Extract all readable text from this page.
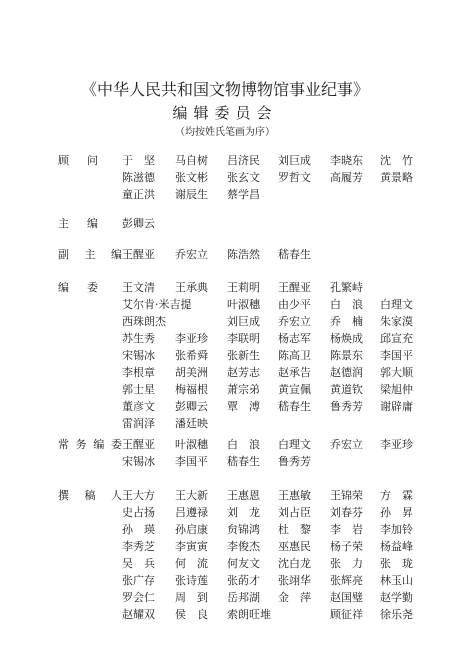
《中华人民共和国文物博物馆事业纪事》
编辑委员会
（均按姓氏笔画为序）
顾 问 于　坚 马自树 吕济民 刘巨成 李晓东 沈　竹
陈滋德 张文彬 张玄文 罗哲文 高履芳 黄景略
童正洪 谢辰生 蔡学昌
主 编 彭卿云
副 主 编 王醒亚 乔宏立 陈浩然 嵇春生
编 委 王文清 王承典 王莉明 王醒亚 孔繁峙
艾尔肯·米吉提	叶淑穗 由少平 白　浪 白理文
西珠朗杰	刘巨成 乔宏立 乔　楠 朱家漠
苏生秀 李亚珍 李联明 杨志军 杨焕成 邱宣充
宋锡冰 张希舜 张新生 陈高卫 陈景东 李国平
李根章 胡美洲 赵芳志 赵承告 赵德润 郭大顺
郭士星 梅福根 萧宗弟 黄宣佩 黄道钦 梁旭仲
董彦文 彭卿云 覃　溥 嵇春生 鲁秀芳 谢辟庸
雷润泽 潘廷映
常 务 编 委 王醒亚 叶淑穗 白　浪 白理文 乔宏立 李亚珍
宋锡冰 李国平 嵇春生 鲁秀芳
撰 稿 人 王大方 王大新 王惠恩 王惠敏 王锦荣 方　霖
史占扬 吕遵禄 刘　龙 刘占臣 刘春芬 孙　昇
孙　瑛 孙启康 贠锦鸿 杜　黎 李　岩 李加铃
李秀芝 李寅寅 李俊杰 巫惠民 杨子荣 杨益峰
吴　兵 何　流 何友文 沈白龙 张　力 张　珑
张广存 张诗莲 张菂才 张翊华 张辉亮 林玉山
罗会仁 周　到 岳邦湖 金　萍 赵国璧 赵学勤
赵耀双 侯　良 索朗旺堆	顾征祥 徐乐尧
